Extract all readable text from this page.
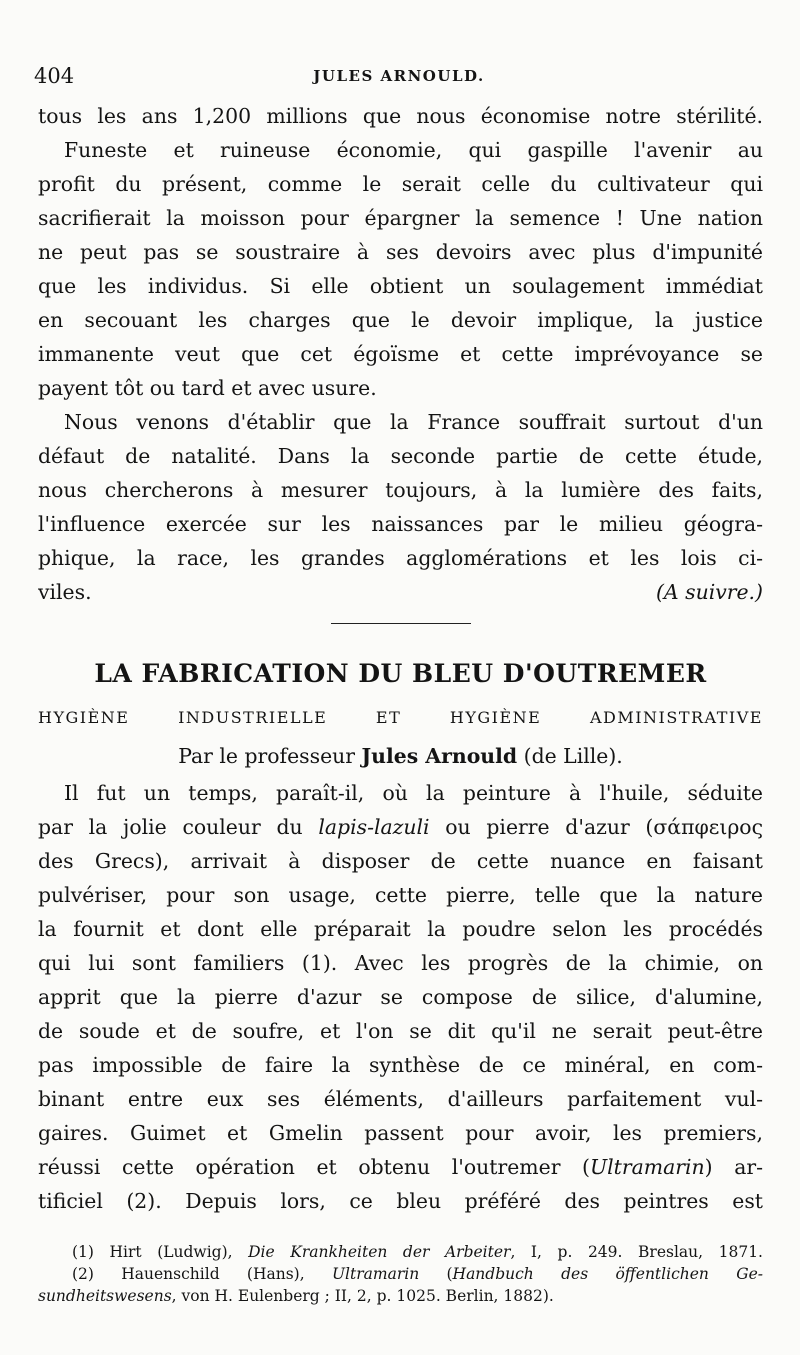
404	JULES ARNOULD.
tous les ans 1,200 millions que nous économise notre stérilité.
Funeste et ruineuse économie, qui gaspille l'avenir au
profit du présent, comme le serait celle du cultivateur qui
sacrifierait la moisson pour épargner la semence ! Une nation
ne peut pas se soustraire à ses devoirs avec plus d'impunité
que les individus. Si elle obtient un soulagement immédiat
en secouant les charges que le devoir implique, la justice
immanente veut que cet égoïsme et cette imprévoyance se
payent tôt ou tard et avec usure.
Nous venons d'établir que la France souffrait surtout d'un
défaut de natalité. Dans la seconde partie de cette étude,
nous chercherons à mesurer toujours, à la lumière des faits,
l'influence exercée sur les naissances par le milieu géogra-
phique, la race, les grandes agglomérations et les lois ci-
viles.	(A suivre.)
LA FABRICATION DU BLEU D'OUTREMER
HYGIÈNE	INDUSTRIELLE	ET	HYGIÈNE	ADMINISTRATIVE
Par le professeur Jules Arnould (de Lille).
Il fut un temps, paraît-il, où la peinture à l'huile, séduite
par la jolie couleur du lapis-lazuli ou pierre d'azur (σάπφειρος
des Grecs), arrivait à disposer de cette nuance en faisant
pulvériser, pour son usage, cette pierre, telle que la nature
la fournit et dont elle préparait la poudre selon les procédés
qui lui sont familiers (1). Avec les progrès de la chimie, on
apprit que la pierre d'azur se compose de silice, d'alumine,
de soude et de soufre, et l'on se dit qu'il ne serait peut-être
pas impossible de faire la synthèse de ce minéral, en com-
binant entre eux ses éléments, d'ailleurs parfaitement vul-
gaires. Guimet et Gmelin passent pour avoir, les premiers,
réussi cette opération et obtenu l'outremer (Ultramarin) ar-
tificiel (2). Depuis lors, ce bleu préféré des peintres est
(1) Hirt (Ludwig), Die Krankheiten der Arbeiter, I, p. 249. Breslau, 1871.
(2) Hauenschild (Hans), Ultramarin (Handbuch des öffentlichen Ge-
sundheitswesens, von H. Eulenberg ; II, 2, p. 1025. Berlin, 1882).
